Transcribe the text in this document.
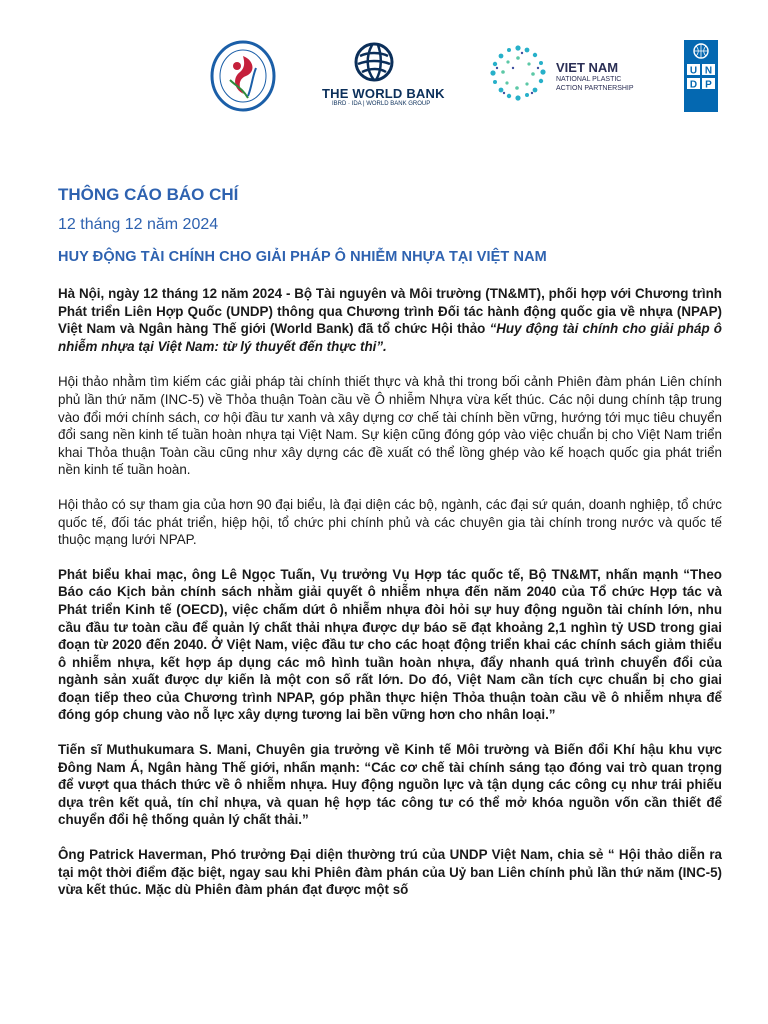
THE WORLD BANK
IBRD · IDA | WORLD BANK GROUP
VIET NAM
NATIONAL PLASTIC ACTION PARTNERSHIP
U N
D P
THÔNG CÁO BÁO CHÍ
12 tháng 12 năm 2024
HUY ĐỘNG TÀI CHÍNH CHO GIẢI PHÁP Ô NHIỄM NHỰA TẠI VIỆT NAM

Hà Nội, ngày 12 tháng 12 năm 2024 - Bộ Tài nguyên và Môi trường (TN&MT), phối hợp với Chương trình Phát triển Liên Hợp Quốc (UNDP) thông qua Chương trình Đối tác hành động quốc gia về nhựa (NPAP) Việt Nam và Ngân hàng Thế giới (World Bank) đã tổ chức Hội thảo “Huy động tài chính cho giải pháp ô nhiễm nhựa tại Việt Nam: từ lý thuyết đến thực thi”.

Hội thảo nhằm tìm kiếm các giải pháp tài chính thiết thực và khả thi trong bối cảnh Phiên đàm phán Liên chính phủ lần thứ năm (INC-5) về Thỏa thuận Toàn cầu về Ô nhiễm Nhựa vừa kết thúc. Các nội dung chính tập trung vào đổi mới chính sách, cơ hội đầu tư xanh và xây dựng cơ chế tài chính bền vững, hướng tới mục tiêu chuyển đổi sang nền kinh tế tuần hoàn nhựa tại Việt Nam. Sự kiện cũng đóng góp vào việc chuẩn bị cho Việt Nam triển khai Thỏa thuận Toàn cầu cũng như xây dựng các đề xuất có thể lồng ghép vào kế hoạch quốc gia phát triển nền kinh tế tuần hoàn.

Hội thảo có sự tham gia của hơn 90 đại biểu, là đại diện các bộ, ngành, các đại sứ quán, doanh nghiệp, tổ chức quốc tế, đối tác phát triển, hiệp hội, tổ chức phi chính phủ và các chuyên gia tài chính trong nước và quốc tế thuộc mạng lưới NPAP.

Phát biểu khai mạc, ông Lê Ngọc Tuấn, Vụ trưởng Vụ Hợp tác quốc tế, Bộ TN&MT, nhấn mạnh “Theo Báo cáo Kịch bản chính sách nhằm giải quyết ô nhiễm nhựa đến năm 2040 của Tổ chức Hợp tác và Phát triển Kinh tế (OECD), việc chấm dứt ô nhiễm nhựa đòi hỏi sự huy động nguồn tài chính lớn, nhu cầu đầu tư toàn cầu để quản lý chất thải nhựa được dự báo sẽ đạt khoảng 2,1 nghìn tỷ USD trong giai đoạn từ 2020 đến 2040. Ở Việt Nam, việc đầu tư cho các hoạt động triển khai các chính sách giảm thiểu ô nhiễm nhựa, kết hợp áp dụng các mô hình tuần hoàn nhựa, đẩy nhanh quá trình chuyển đổi của ngành sản xuất được dự kiến là một con số rất lớn. Do đó, Việt Nam cần tích cực chuẩn bị cho giai đoạn tiếp theo của Chương trình NPAP, góp phần thực hiện Thỏa thuận toàn cầu về ô nhiễm nhựa để đóng góp chung vào nỗ lực xây dựng tương lai bền vững hơn cho nhân loại.”

Tiến sĩ Muthukumara S. Mani, Chuyên gia trưởng về Kinh tế Môi trường và Biến đổi Khí hậu khu vực Đông Nam Á, Ngân hàng Thế giới, nhấn mạnh: “Các cơ chế tài chính sáng tạo đóng vai trò quan trọng để vượt qua thách thức về ô nhiễm nhựa. Huy động nguồn lực và tận dụng các công cụ như trái phiếu dựa trên kết quả, tín chỉ nhựa, và quan hệ hợp tác công tư có thể mở khóa nguồn vốn cần thiết để chuyển đổi hệ thống quản lý chất thải.”

Ông Patrick Haverman, Phó trưởng Đại diện thường trú của UNDP Việt Nam, chia sẻ “ Hội thảo diễn ra tại một thời điểm đặc biệt, ngay sau khi Phiên đàm phán của Uỷ ban Liên chính phủ lần thứ năm (INC-5) vừa kết thúc. Mặc dù Phiên đàm phán đạt được một số
